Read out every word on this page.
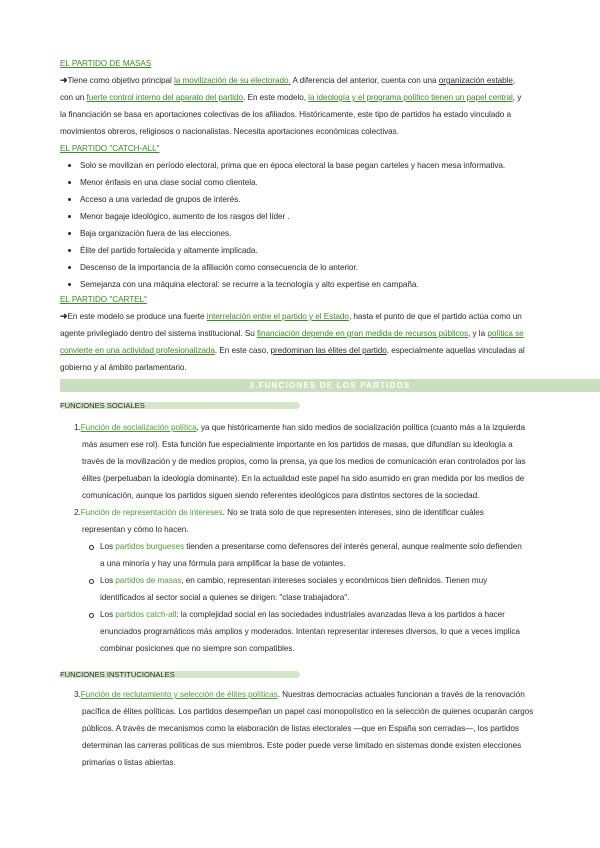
EL PARTIDO DE MASAS
➜Tiene como objetivo principal la movilización de su electorado. A diferencia del anterior, cuenta con una organización estable,
con un fuerte control interno del aparato del partido. En este modelo, la ideología y el programa político tienen un papel central, y
la financiación se basa en aportaciones colectivas de los afiliados. Históricamente, este tipo de partidos ha estado vinculado a
movimientos obreros, religiosos o nacionalistas. Necesita aportaciones económicas colectivas.
EL PARTIDO "CATCH-ALL"
Solo se movilizan en período electoral, prima que en época electoral la base pegan carteles y hacen mesa informativa.
Menor énfasis en una clase social como clientela.
Acceso a una variedad de grupos de interés.
Menor bagaje ideológico, aumento de los rasgos del líder .
Baja organización fuera de las elecciones.
Élite del partido fortalecida y altamente implicada.
Descenso de la importancia de la afiliación como consecuencia de lo anterior.
Semejanza con una máquina electoral: se recurre a la tecnología y alto expertise en campaña.
EL PARTIDO "CARTEL"
➜En este modelo se produce una fuerte interrelación entre el partido y el Estado, hasta el punto de que el partido actúa como un
agente privilegiado dentro del sistema institucional. Su financiación depende en gran medida de recursos públicos, y la política se
convierte en una actividad profesionalizada. En este caso, predominan las élites del partido, especialmente aquellas vinculadas al
gobierno y al ámbito parlamentario.
3.FUNCIONES DE LOS PARTIDOS
FUNCIONES SOCIALES
1.Función de socialización política, ya que históricamente han sido medios de socialización política (cuanto más a la izquierda
más asumen ese rol). Esta función fue especialmente importante en los partidos de masas, que difundían su ideología a
través de la movilización y de medios propios, como la prensa, ya que los medios de comunicación eran controlados por las
élites (perpetuaban la ideología dominante). En la actualidad este papel ha sido asumido en gran medida por los medios de
comunicación, aunque los partidos siguen siendo referentes ideológicos para distintos sectores de la sociedad.
2.Función de representación de intereses. No se trata solo de que representen intereses, sino de identificar cuáles
representan y cómo lo hacen.
Los partidos burgueses tienden a presentarse como defensores del interés general, aunque realmente solo defienden
a una minoría y hay una fórmula para amplificar la base de votantes.
Los partidos de masas, en cambio, representan intereses sociales y económicos bien definidos. Tienen muy
identificados al sector social a quienes se dirigen: "clase trabajadora".
Los partidos catch-all: la complejidad social en las sociedades industriales avanzadas lleva a los partidos a hacer
enunciados programáticos más amplios y moderados. Intentan representar intereses diversos, lo que a veces implica
combinar posiciones que no siempre son compatibles.
FUNCIONES INSTITUCIONALES
3.Función de reclutamiento y selección de élites políticas. Nuestras democracias actuales funcionan a través de la renovación
pacífica de élites políticas. Los partidos desempeñan un papel casi monopolístico en la selección de quienes ocuparán cargos
públicos. A través de mecanismos como la elaboración de listas electorales —que en España son cerradas—, los partidos
determinan las carreras políticas de sus miembros. Este poder puede verse limitado en sistemas donde existen elecciones
primarias o listas abiertas.
